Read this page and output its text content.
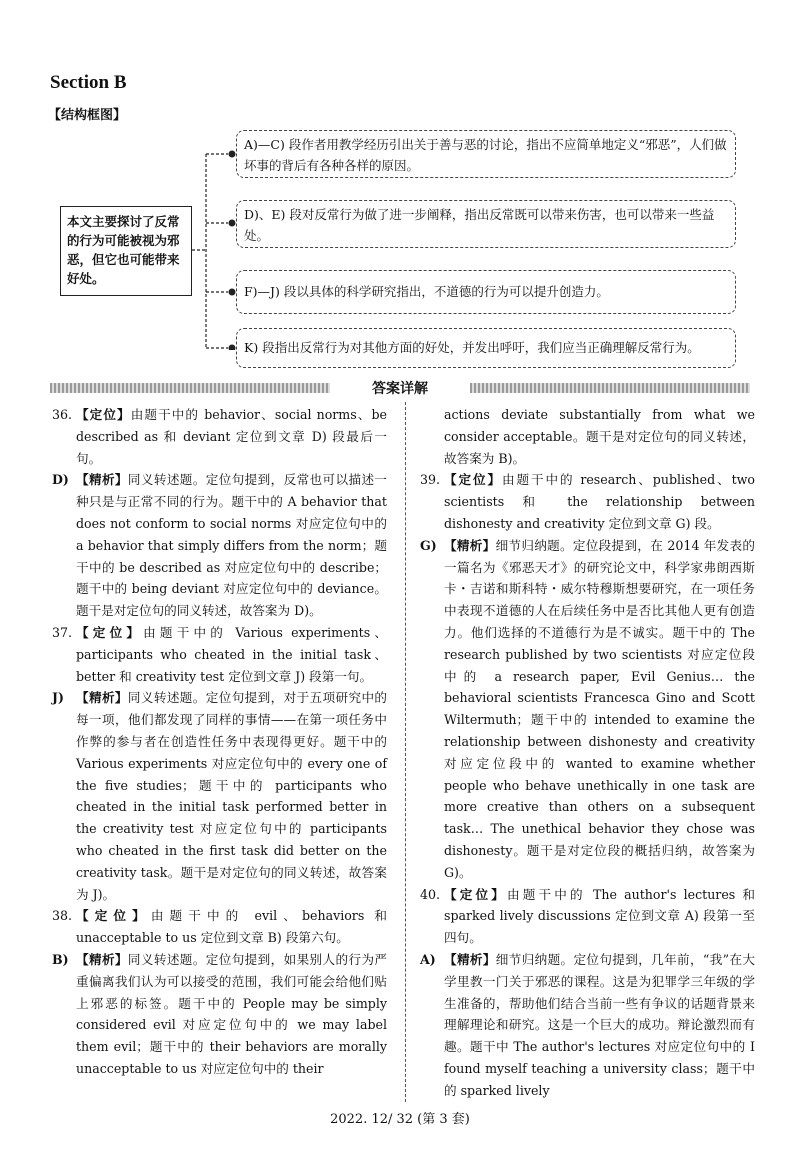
Section B
【结构框图】
本文主要探讨了反常的行为可能被视为邪恶，但它也可能带来好处。
A)—C) 段作者用教学经历引出关于善与恶的讨论，指出不应简单地定义“邪恶”，人们做坏事的背后有各种各样的原因。
D)、E) 段对反常行为做了进一步阐释，指出反常既可以带来伤害，也可以带来一些益处。
F)—J) 段以具体的科学研究指出，不道德的行为可以提升创造力。
K) 段指出反常行为对其他方面的好处，并发出呼吁，我们应当正确理解反常行为。
答案详解
36. 【定位】由题干中的 behavior、social norms、be described as 和 deviant 定位到文章 D) 段最后一句。
D) 【精析】同义转述题。定位句提到，反常也可以描述一种只是与正常不同的行为。题干中的 A behavior that does not conform to social norms 对应定位句中的 a behavior that simply differs from the norm；题干中的 be described as 对应定位句中的 describe；题干中的 being deviant 对应定位句中的 deviance。题干是对定位句的同义转述，故答案为 D)。
37. 【定位】由题干中的 Various experiments、participants who cheated in the initial task、better 和 creativity test 定位到文章 J) 段第一句。
J) 【精析】同义转述题。定位句提到，对于五项研究中的每一项，他们都发现了同样的事情——在第一项任务中作弊的参与者在创造性任务中表现得更好。题干中的 Various experiments 对应定位句中的 every one of the five studies；题干中的 participants who cheated in the initial task performed better in the creativity test 对应定位句中的 participants who cheated in the first task did better on the creativity task。题干是对定位句的同义转述，故答案为 J)。
38. 【定位】由题干中的 evil、behaviors 和 unacceptable to us 定位到文章 B) 段第六句。
B) 【精析】同义转述题。定位句提到，如果别人的行为严重偏离我们认为可以接受的范围，我们可能会给他们贴上邪恶的标签。题干中的 People may be simply considered evil 对应定位句中的 we may label them evil；题干中的 their behaviors are morally unacceptable to us 对应定位句中的 their
actions deviate substantially from what we consider acceptable。题干是对定位句的同义转述，故答案为 B)。
39. 【定位】由题干中的 research、published、two scientists 和 the relationship between dishonesty and creativity 定位到文章 G) 段。
G) 【精析】细节归纳题。定位段提到，在 2014 年发表的一篇名为《邪恶天才》的研究论文中，科学家弗朗西斯卡・吉诺和斯科特・威尔特穆斯想要研究，在一项任务中表现不道德的人在后续任务中是否比其他人更有创造力。他们选择的不道德行为是不诚实。题干中的 The research published by two scientists 对应定位段中的 a research paper, Evil Genius… the behavioral scientists Francesca Gino and Scott Wiltermuth；题干中的 intended to examine the relationship between dishonesty and creativity 对应定位段中的 wanted to examine whether people who behave unethically in one task are more creative than others on a subsequent task… The unethical behavior they chose was dishonesty。题干是对定位段的概括归纳，故答案为 G)。
40. 【定位】由题干中的 The author's lectures 和 sparked lively discussions 定位到文章 A) 段第一至四句。
A) 【精析】细节归纳题。定位句提到，几年前，“我”在大学里教一门关于邪恶的课程。这是为犯罪学三年级的学生准备的，帮助他们结合当前一些有争议的话题背景来理解理论和研究。这是一个巨大的成功。辩论激烈而有趣。题干中 The author's lectures 对应定位句中的 I found myself teaching a university class；题干中的 sparked lively
2022. 12/ 32 (第 3 套)
